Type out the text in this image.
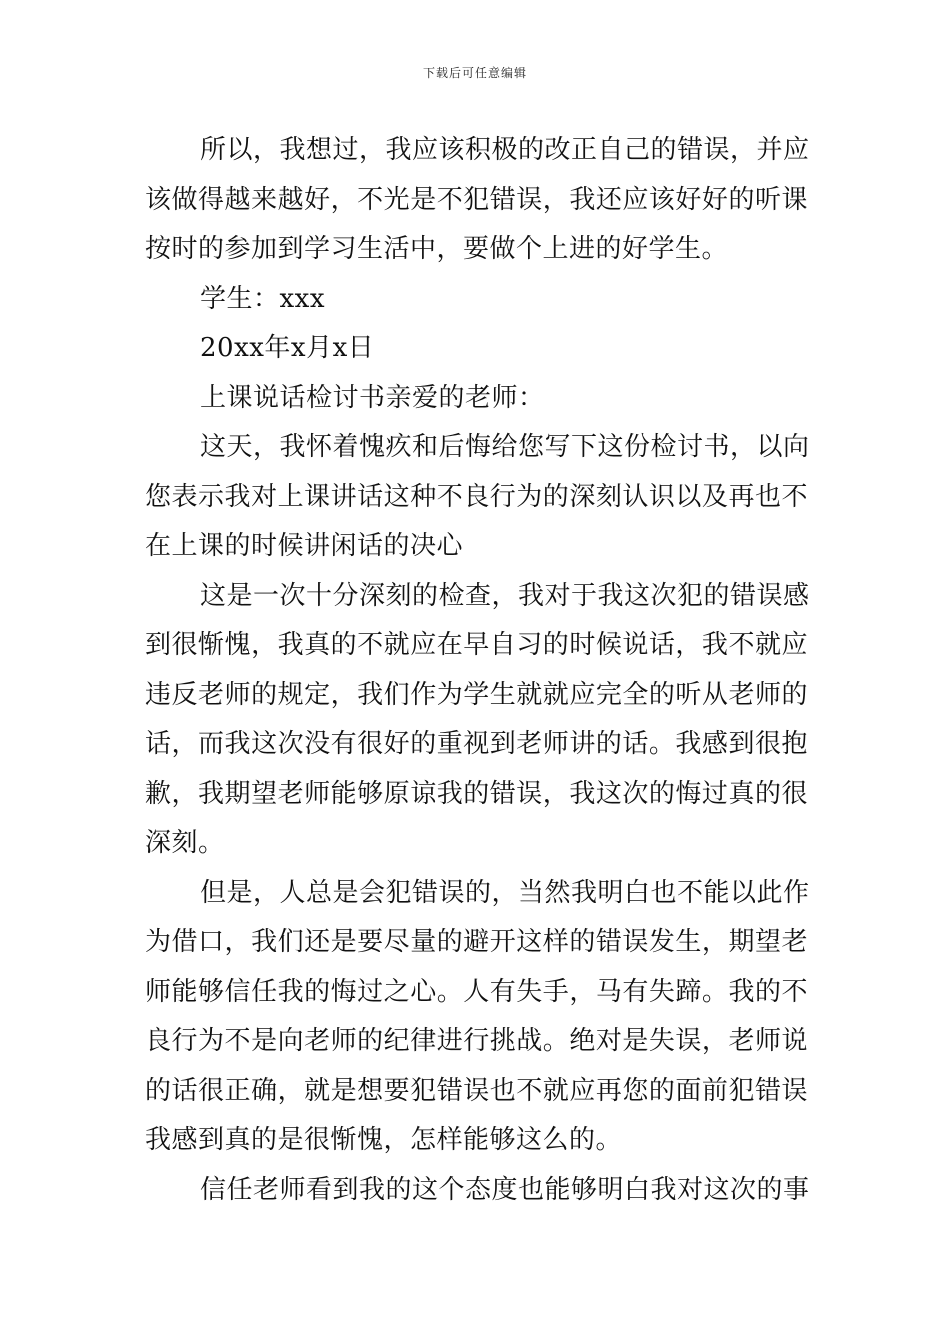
下载后可任意编辑
所以，我想过，我应该积极的改正自己的错误，并应
该做得越来越好，不光是不犯错误，我还应该好好的听课
按时的参加到学习生活中，要做个上进的好学生。
学生：xxx
20xx年x月x日
上课说话检讨书亲爱的老师：
这天，我怀着愧疚和后悔给您写下这份检讨书，以向
您表示我对上课讲话这种不良行为的深刻认识以及再也不
在上课的时候讲闲话的决心
这是一次十分深刻的检查，我对于我这次犯的错误感
到很惭愧，我真的不就应在早自习的时候说话，我不就应
违反老师的规定，我们作为学生就就应完全的听从老师的
话，而我这次没有很好的重视到老师讲的话。我感到很抱
歉，我期望老师能够原谅我的错误，我这次的悔过真的很
深刻。
但是，人总是会犯错误的，当然我明白也不能以此作
为借口，我们还是要尽量的避开这样的错误发生，期望老
师能够信任我的悔过之心。人有失手，马有失蹄。我的不
良行为不是向老师的纪律进行挑战。绝对是失误，老师说
的话很正确，就是想要犯错误也不就应再您的面前犯错误
我感到真的是很惭愧，怎样能够这么的。
信任老师看到我的这个态度也能够明白我对这次的事
